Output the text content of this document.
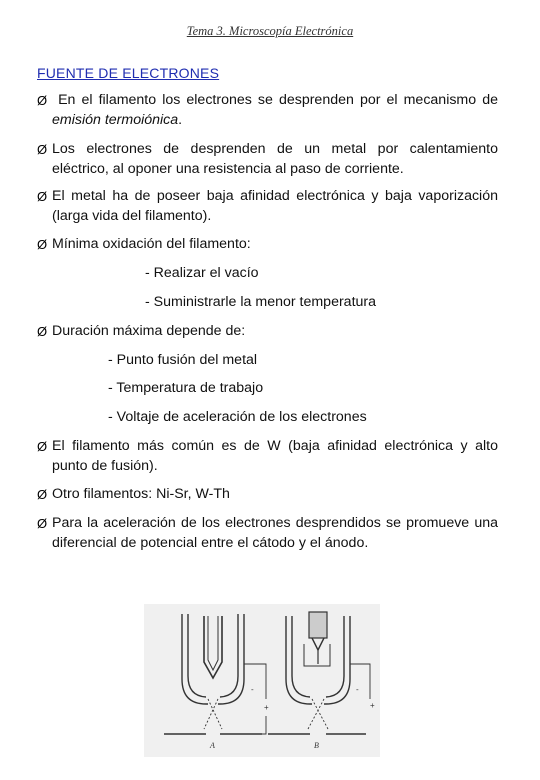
Tema 3. Microscopía Electrónica
FUENTE DE ELECTRONES
Ø En el filamento los electrones se desprenden por el mecanismo de emisión termoiónica.
Ø Los electrones de desprenden de un metal por calentamiento eléctrico, al oponer una resistencia al paso de corriente.
Ø El metal ha de poseer baja afinidad electrónica y baja vaporización (larga vida del filamento).
Ø Mínima oxidación del filamento:
- Realizar el vacío
- Suministrarle la menor temperatura
Ø Duración máxima depende de:
- Punto fusión del metal
- Temperatura de trabajo
- Voltaje de aceleración de los electrones
Ø El filamento más común es de W (baja afinidad electrónica y alto punto de fusión).
Ø Otro filamentos: Ni-Sr, W-Th
Ø Para la aceleración de los electrones desprendidos se promueve una diferencial de potencial entre el cátodo y el ánodo.
-
+
-
+
A	B
